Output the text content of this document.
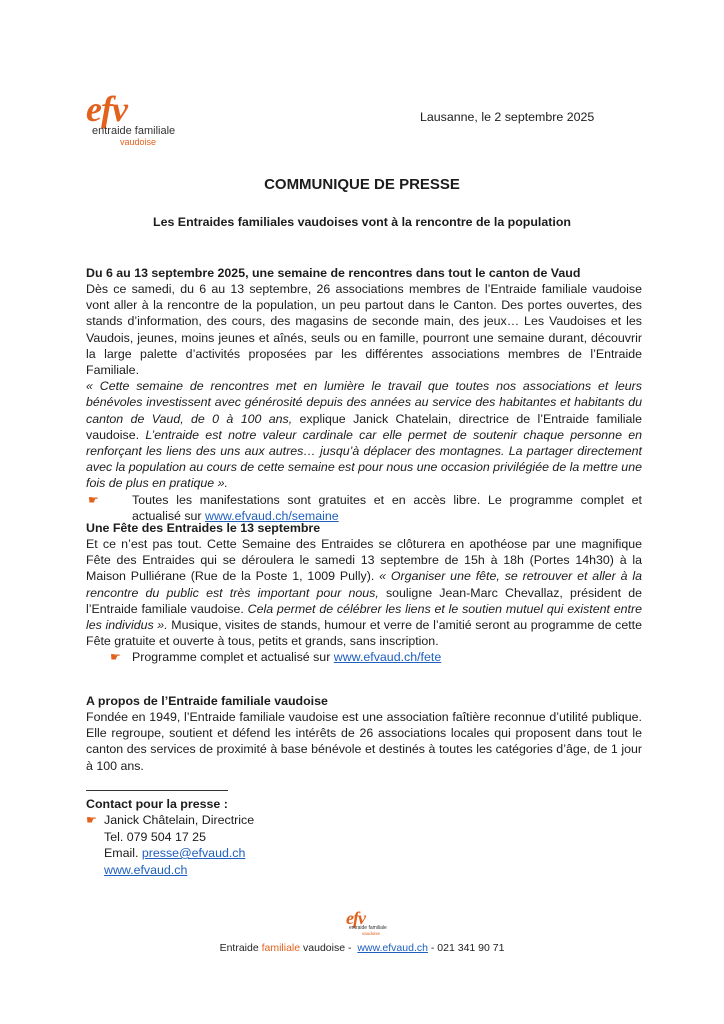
efv
entraide familiale
vaudoise
Lausanne, le 2 septembre 2025
COMMUNIQUE DE PRESSE
Les Entraides familiales vaudoises vont à la rencontre de la population
Du 6 au 13 septembre 2025, une semaine de rencontres dans tout le canton de Vaud

Dès ce samedi, du 6 au 13 septembre, 26 associations membres de l’Entraide familiale vaudoise vont aller à la rencontre de la population, un peu partout dans le Canton. Des portes ouvertes, des stands d’information, des cours, des magasins de seconde main, des jeux… Les Vaudoises et les Vaudois, jeunes, moins jeunes et aînés, seuls ou en famille, pourront une semaine durant, découvrir la large palette d’activités proposées par les différentes associations membres de l’Entraide Familiale.

« Cette semaine de rencontres met en lumière le travail que toutes nos associations et leurs bénévoles investissent avec générosité depuis des années au service des habitantes et habitants du canton de Vaud, de 0 à 100 ans, explique Janick Chatelain, directrice de l’Entraide familiale vaudoise. L’entraide est notre valeur cardinale car elle permet de soutenir chaque personne en renforçant les liens des uns aux autres… jusqu’à déplacer des montagnes. La partager directement avec la population au cours de cette semaine est pour nous une occasion privilégiée de la mettre une fois de plus en pratique ».

☛	Toutes les manifestations sont gratuites et en accès libre. Le programme complet et actualisé sur www.efvaud.ch/semaine

Une Fête des Entraides le 13 septembre

Et ce n’est pas tout. Cette Semaine des Entraides se clôturera en apothéose par une magnifique Fête des Entraides qui se déroulera le samedi 13 septembre de 15h à 18h (Portes 14h30) à la Maison Pulliérane (Rue de la Poste 1, 1009 Pully). « Organiser une fête, se retrouver et aller à la rencontre du public est très important pour nous, souligne Jean-Marc Chevallaz, président de l’Entraide familiale vaudoise. Cela permet de célébrer les liens et le soutien mutuel qui existent entre les individus ». Musique, visites de stands, humour et verre de l’amitié seront au programme de cette Fête gratuite et ouverte à tous, petits et grands, sans inscription.

☛ Programme complet et actualisé sur www.efvaud.ch/fete

A propos de l’Entraide familiale vaudoise

Fondée en 1949, l’Entraide familiale vaudoise est une association faîtière reconnue d’utilité publique. Elle regroupe, soutient et défend les intérêts de 26 associations locales qui proposent dans tout le canton des services de proximité à base bénévole et destinés à toutes les catégories d’âge, de 1 jour à 100 ans.

Contact pour la presse :
☛ Janick Châtelain, Directrice
Tel. 079 504 17 25
Email. presse@efvaud.ch
www.efvaud.ch
efv
entraide familiale
vaudoise
Entraide familiale vaudoise - www.efvaud.ch - 021 341 90 71
